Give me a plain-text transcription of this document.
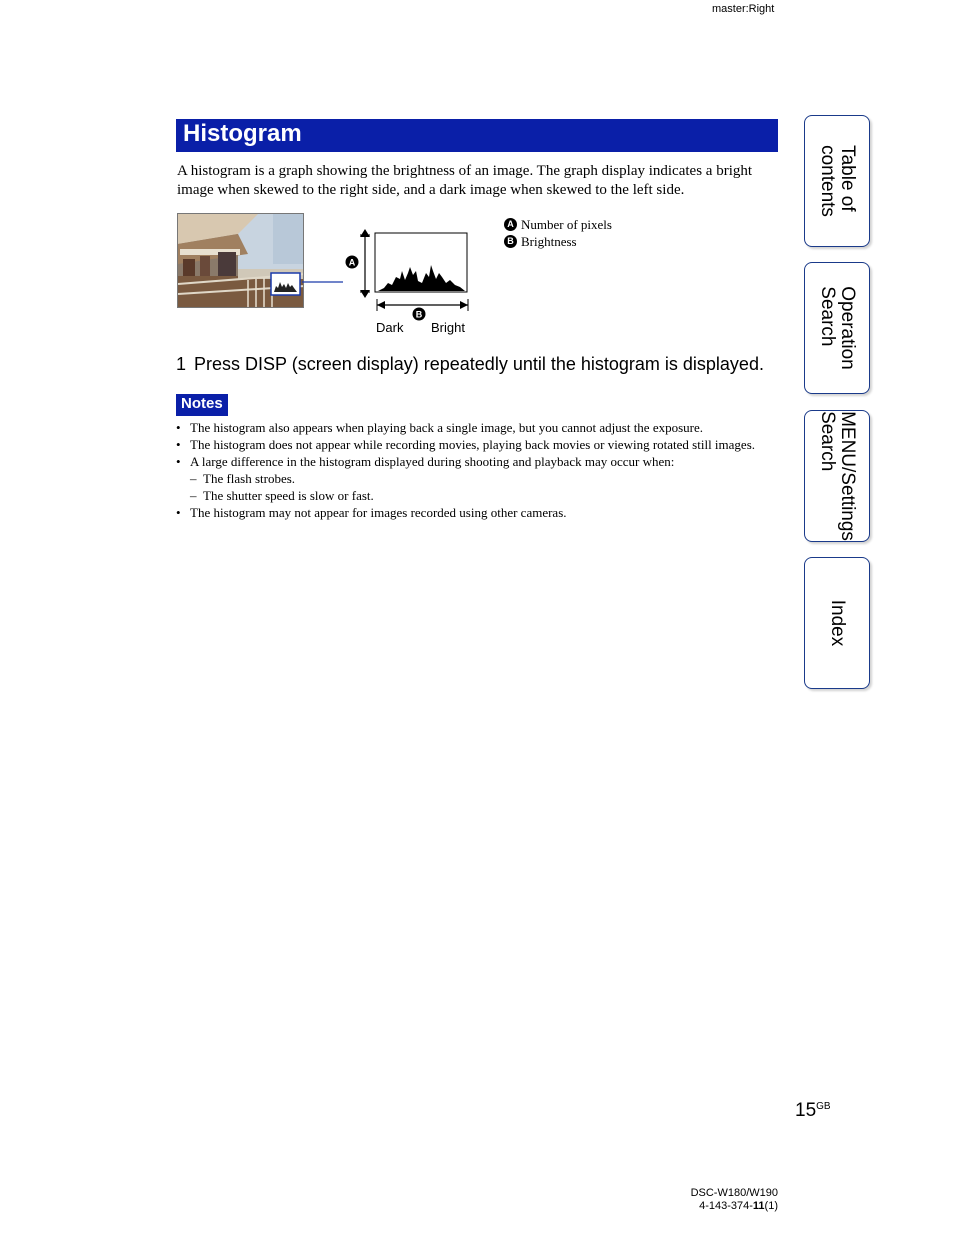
master:Right
Histogram
A histogram is a graph showing the brightness of an image. The graph display indicates a bright image when skewed to the right side, and a dark image when skewed to the left side.
A
B
Dark Bright
A Number of pixels
B Brightness
1 Press DISP (screen display) repeatedly until the histogram is displayed.
Notes
• The histogram also appears when playing back a single image, but you cannot adjust the exposure.
• The histogram does not appear while recording movies, playing back movies or viewing rotated still images.
• A large difference in the histogram displayed during shooting and playback may occur when:
– The flash strobes.
– The shutter speed is slow or fast.
• The histogram may not appear for images recorded using other cameras.
Table of
contents
Operation
Search
MENU/Settings
Search
Index
$15^{GB}$
DSC-W180/W190
4-143-374-11(1)
